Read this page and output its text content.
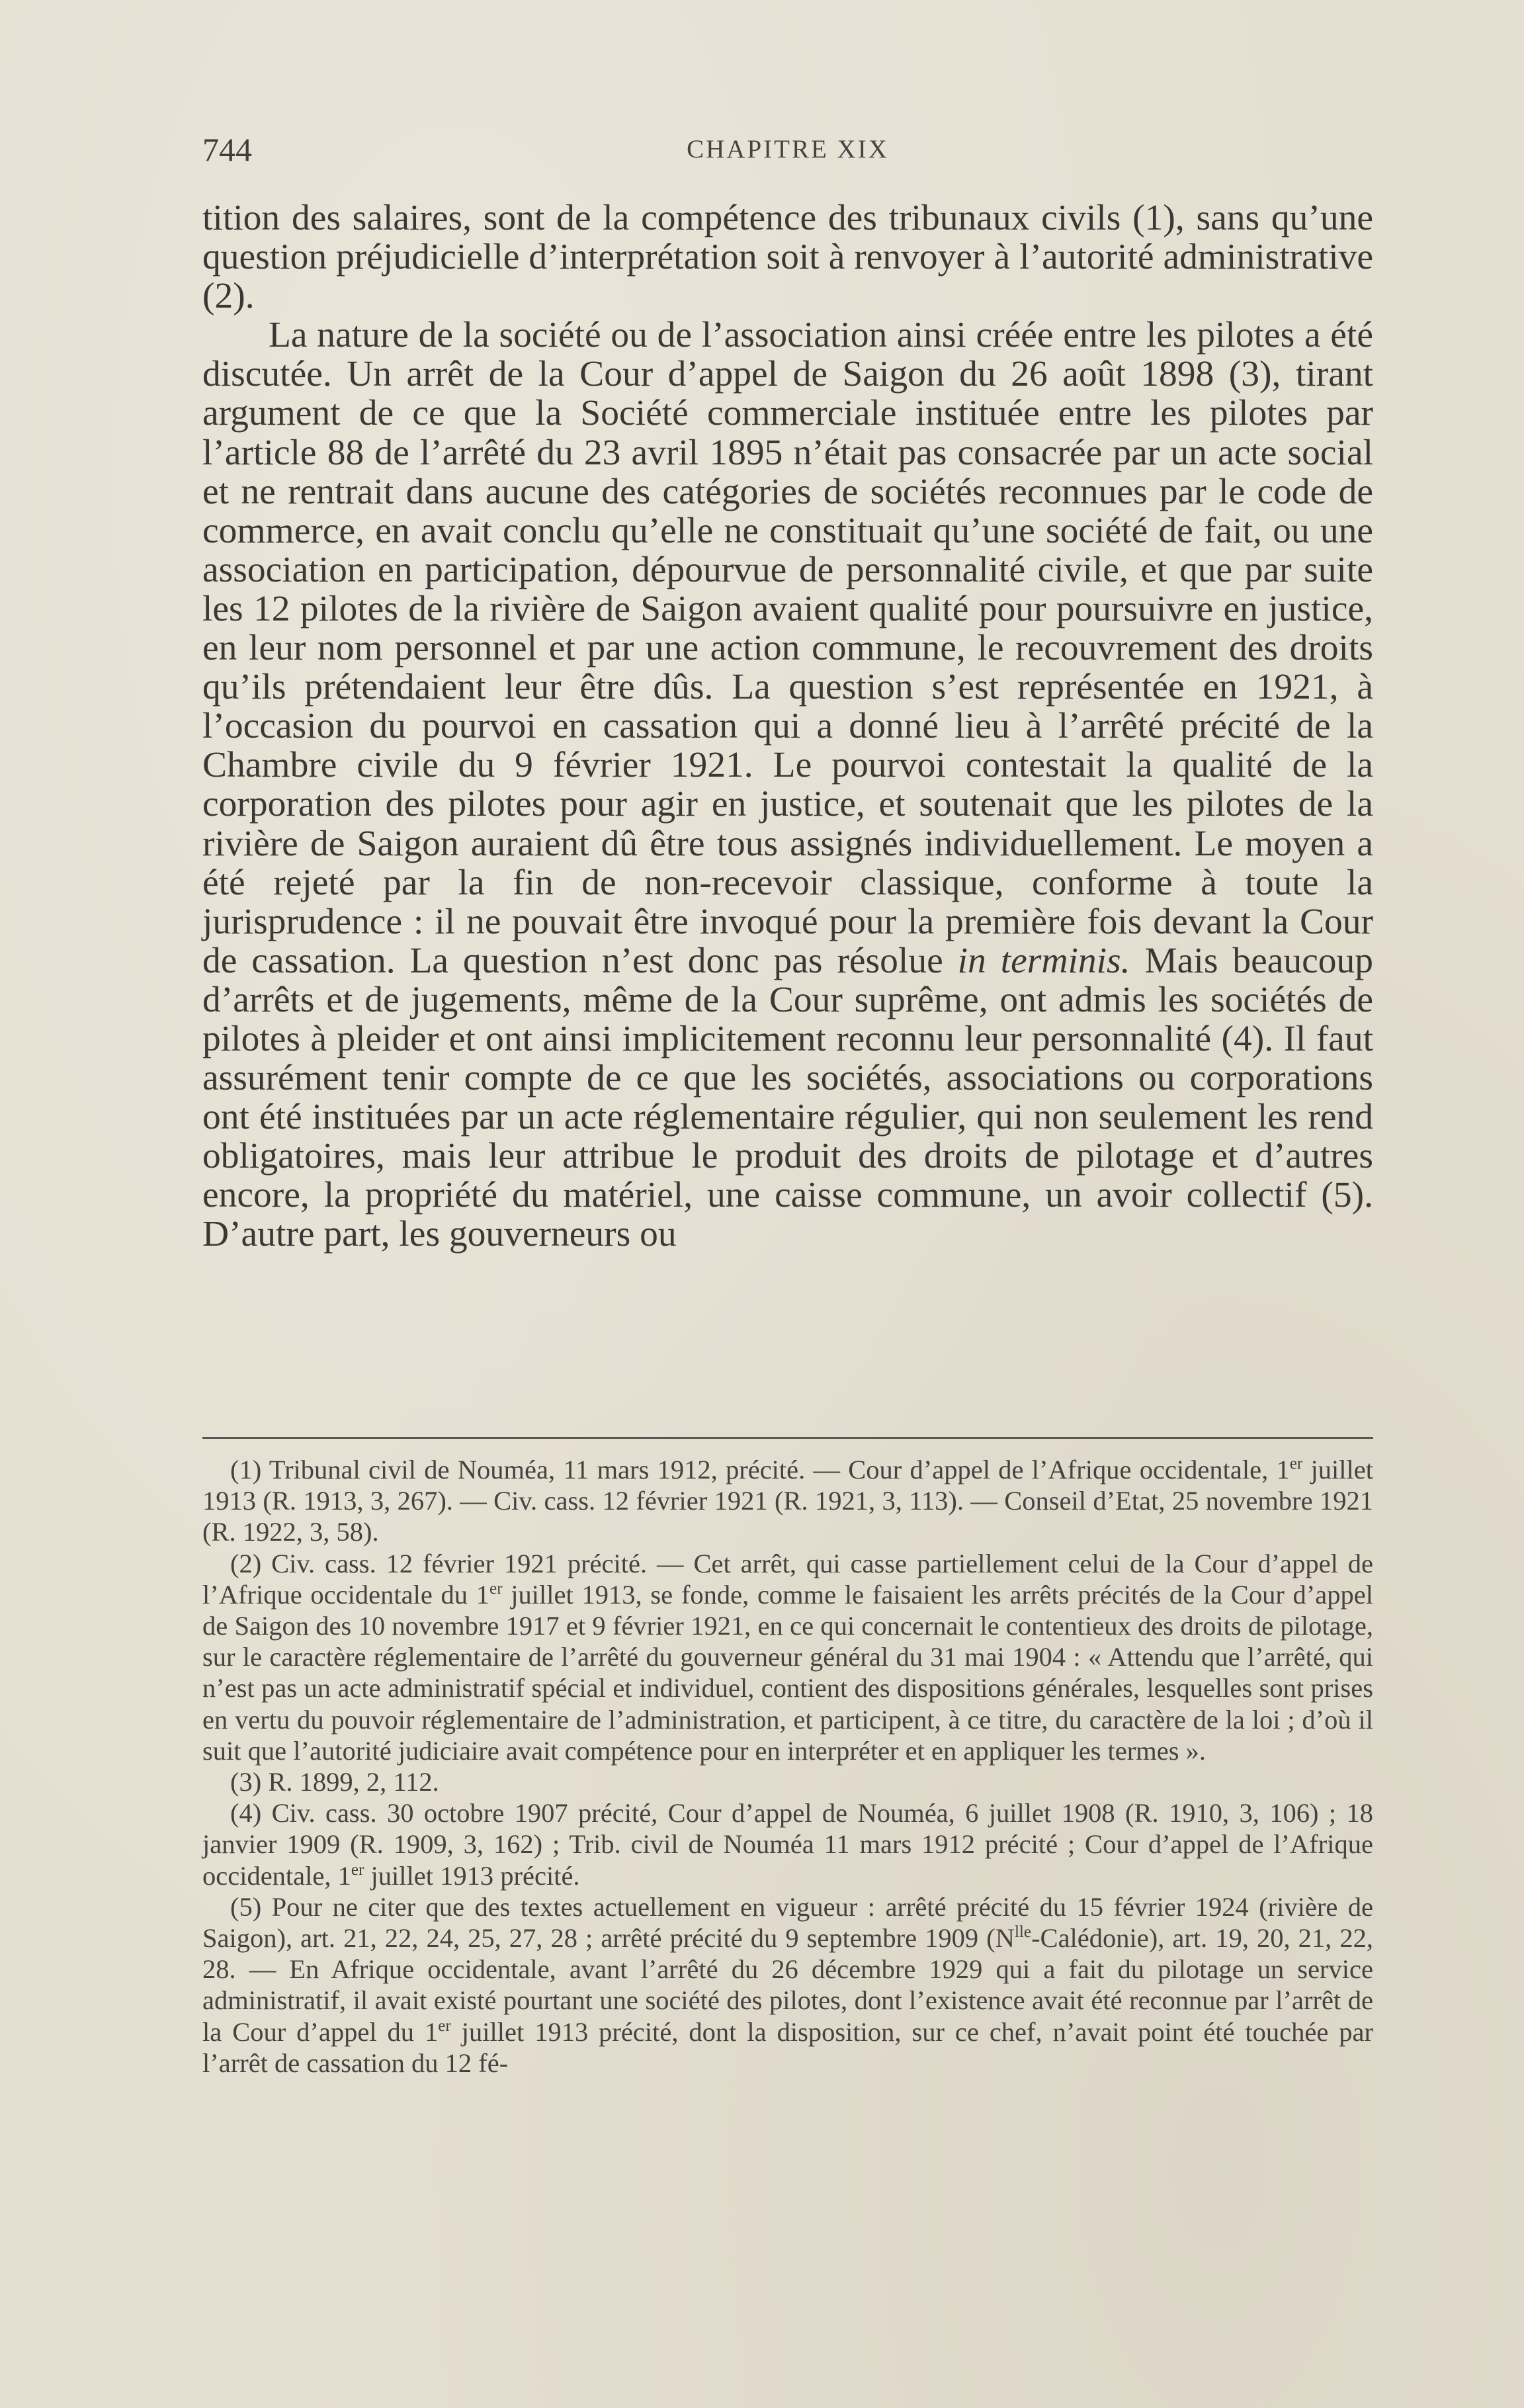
744	CHAPITRE XIX

tition des salaires, sont de la compétence des tribunaux civils (1), sans qu’une question préjudicielle d’interprétation soit à renvoyer à l’autorité administrative (2).

La nature de la société ou de l’association ainsi créée entre les pilotes a été discutée. Un arrêt de la Cour d’appel de Saigon du 26 août 1898 (3), tirant argument de ce que la Société commerciale instituée entre les pilotes par l’article 88 de l’arrêté du 23 avril 1895 n’était pas consacrée par un acte social et ne rentrait dans aucune des catégories de sociétés reconnues par le code de commerce, en avait conclu qu’elle ne constituait qu’une société de fait, ou une association en participation, dépourvue de personnalité civile, et que par suite les 12 pilotes de la rivière de Saigon avaient qualité pour poursuivre en justice, en leur nom personnel et par une action commune, le recouvrement des droits qu’ils prétendaient leur être dûs. La question s’est représentée en 1921, à l’occasion du pourvoi en cassation qui a donné lieu à l’arrêté précité de la Chambre civile du 9 février 1921. Le pourvoi contestait la qualité de la corporation des pilotes pour agir en justice, et soutenait que les pilotes de la rivière de Saigon auraient dû être tous assignés individuellement. Le moyen a été rejeté par la fin de non-recevoir classique, conforme à toute la jurisprudence : il ne pouvait être invoqué pour la première fois devant la Cour de cassation. La question n’est donc pas résolue in terminis. Mais beaucoup d’arrêts et de jugements, même de la Cour suprême, ont admis les sociétés de pilotes à pleider et ont ainsi implicitement reconnu leur personnalité (4). Il faut assurément tenir compte de ce que les sociétés, associations ou corporations ont été instituées par un acte réglementaire régulier, qui non seulement les rend obligatoires, mais leur attribue le produit des droits de pilotage et d’autres encore, la propriété du matériel, une caisse commune, un avoir collectif (5). D’autre part, les gouverneurs ou

(1) Tribunal civil de Nouméa, 11 mars 1912, précité. — Cour d’appel de l’Afrique occidentale, 1er juillet 1913 (R. 1913, 3, 267). — Civ. cass. 12 février 1921 (R. 1921, 3, 113). — Conseil d’Etat, 25 novembre 1921 (R. 1922, 3, 58).

(2) Civ. cass. 12 février 1921 précité. — Cet arrêt, qui casse partiellement celui de la Cour d’appel de l’Afrique occidentale du 1er juillet 1913, se fonde, comme le faisaient les arrêts précités de la Cour d’appel de Saigon des 10 novembre 1917 et 9 février 1921, en ce qui concernait le contentieux des droits de pilotage, sur le caractère réglementaire de l’arrêté du gouverneur général du 31 mai 1904 : « Attendu que l’arrêté, qui n’est pas un acte administratif spécial et individuel, contient des dispositions générales, lesquelles sont prises en vertu du pouvoir réglementaire de l’administration, et participent, à ce titre, du caractère de la loi ; d’où il suit que l’autorité judiciaire avait compétence pour en interpréter et en appliquer les termes ».

(3) R. 1899, 2, 112.

(4) Civ. cass. 30 octobre 1907 précité, Cour d’appel de Nouméa, 6 juillet 1908 (R. 1910, 3, 106) ; 18 janvier 1909 (R. 1909, 3, 162) ; Trib. civil de Nouméa 11 mars 1912 précité ; Cour d’appel de l’Afrique occidentale, 1er juillet 1913 précité.

(5) Pour ne citer que des textes actuellement en vigueur : arrêté précité du 15 février 1924 (rivière de Saigon), art. 21, 22, 24, 25, 27, 28 ; arrêté précité du 9 septembre 1909 $(N^{lle}-Calédonie)$, art. 19, 20, 21, 22, 28. — En Afrique occidentale, avant l’arrêté du 26 décembre 1929 qui a fait du pilotage un service administratif, il avait existé pourtant une société des pilotes, dont l’existence avait été reconnue par l’arrêt de la Cour d’appel du 1er juillet 1913 précité, dont la disposition, sur ce chef, n’avait point été touchée par l’arrêt de cassation du 12 fé-
